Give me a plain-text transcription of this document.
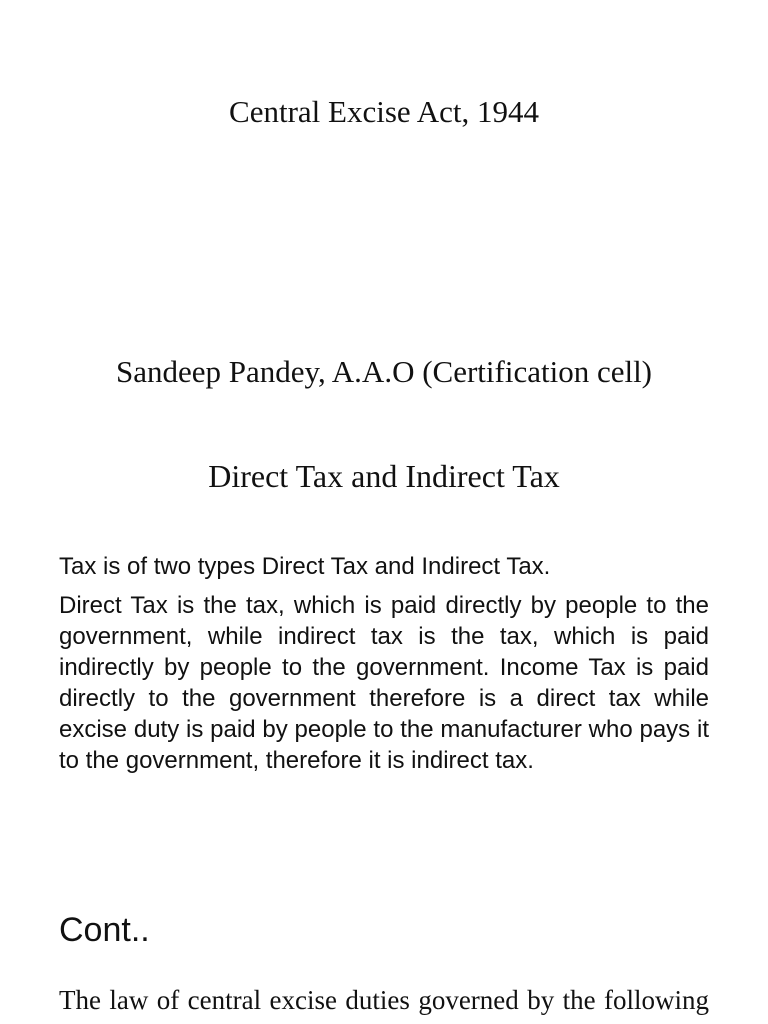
Central Excise Act, 1944

Sandeep Pandey, A.A.O (Certification cell)

Direct Tax and Indirect Tax

Tax is of two types Direct Tax and Indirect Tax.

Direct Tax is the tax, which is paid directly by people to the government, while indirect tax is the tax, which is paid indirectly by people to the government. Income Tax is paid directly to the government therefore is a direct tax while excise duty is paid by people to the manufacturer who pays it to the government, therefore it is indirect tax.

Cont..

The law of central excise duties governed by the following
